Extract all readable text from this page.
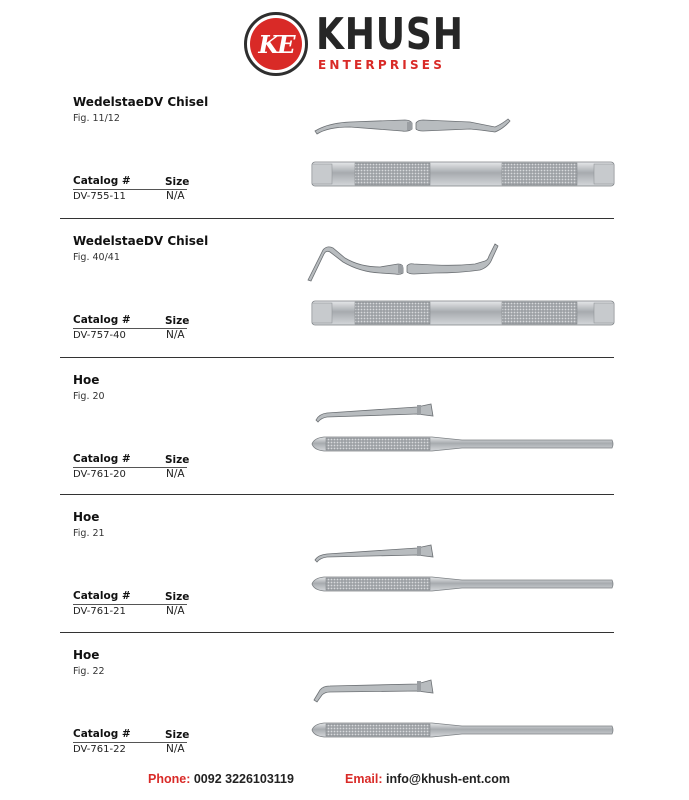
KE KHUSH
ENTERPRISES
WedelstaeDV Chisel
Fig. 11/12
Catalog #	Size
DV-755-11	N/A
WedelstaeDV Chisel
Fig. 40/41
Catalog #	Size
DV-757-40	N/A
Hoe
Fig. 20
Catalog #	Size
DV-761-20	N/A
Hoe
Fig. 21
Catalog #	Size
DV-761-21	N/A
Hoe
Fig. 22
Catalog #	Size
DV-761-22	N/A
Phone: 0092 3226103119	Email: info@khush-ent.com
